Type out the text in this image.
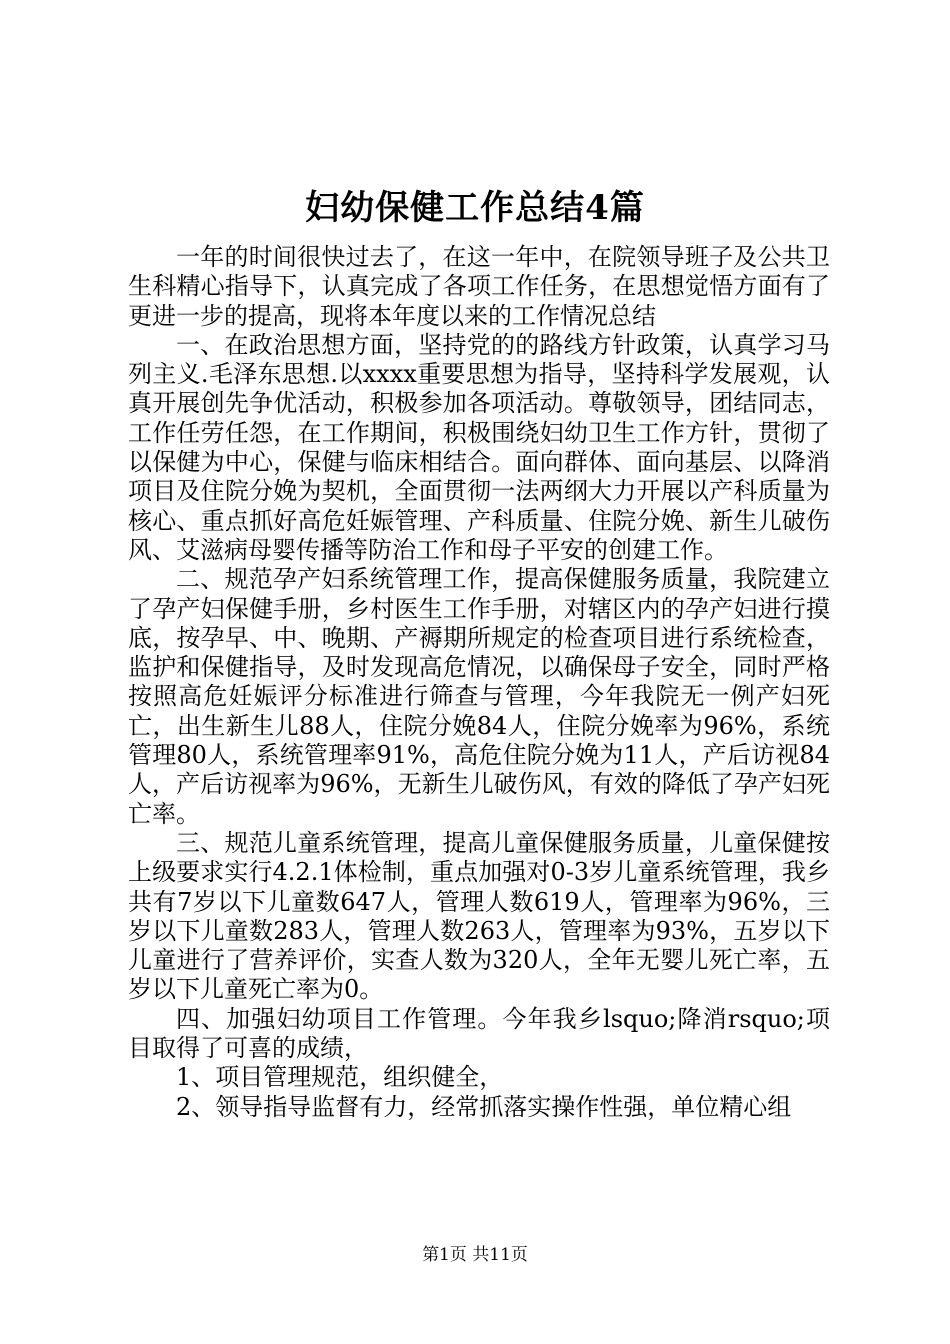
妇幼保健工作总结4篇

一年的时间很快过去了，在这一年中，在院领导班子及公共卫生科精心指导下，认真完成了各项工作任务，在思想觉悟方面有了更进一步的提高，现将本年度以来的工作情况总结

一、在政治思想方面，坚持党的的路线方针政策，认真学习马列主义.毛泽东思想.以xxxx重要思想为指导，坚持科学发展观，认真开展创先争优活动，积极参加各项活动。尊敬领导，团结同志，工作任劳任怨，在工作期间，积极围绕妇幼卫生工作方针，贯彻了以保健为中心，保健与临床相结合。面向群体、面向基层、以降消项目及住院分娩为契机，全面贯彻一法两纲大力开展以产科质量为核心、重点抓好高危妊娠管理、产科质量、住院分娩、新生儿破伤风、艾滋病母婴传播等防治工作和母子平安的创建工作。

二、规范孕产妇系统管理工作，提高保健服务质量，我院建立了孕产妇保健手册，乡村医生工作手册，对辖区内的孕产妇进行摸底，按孕早、中、晚期、产褥期所规定的检查项目进行系统检查，监护和保健指导，及时发现高危情况，以确保母子安全，同时严格按照高危妊娠评分标准进行筛查与管理，今年我院无一例产妇死亡，出生新生儿88人，住院分娩84人，住院分娩率为96%，系统管理80人，系统管理率91%，高危住院分娩为11人，产后访视84人，产后访视率为96%，无新生儿破伤风，有效的降低了孕产妇死亡率。

三、规范儿童系统管理，提高儿童保健服务质量，儿童保健按上级要求实行4.2.1体检制，重点加强对0-3岁儿童系统管理，我乡共有7岁以下儿童数647人，管理人数619人，管理率为96%，三岁以下儿童数283人，管理人数263人，管理率为93%，五岁以下儿童进行了营养评价，实查人数为320人，全年无婴儿死亡率，五岁以下儿童死亡率为0。

四、加强妇幼项目工作管理。今年我乡lsquo;降消rsquo;项目取得了可喜的成绩，

1、项目管理规范，组织健全，

2、领导指导监督有力，经常抓落实操作性强，单位精心组

第1页 共11页
